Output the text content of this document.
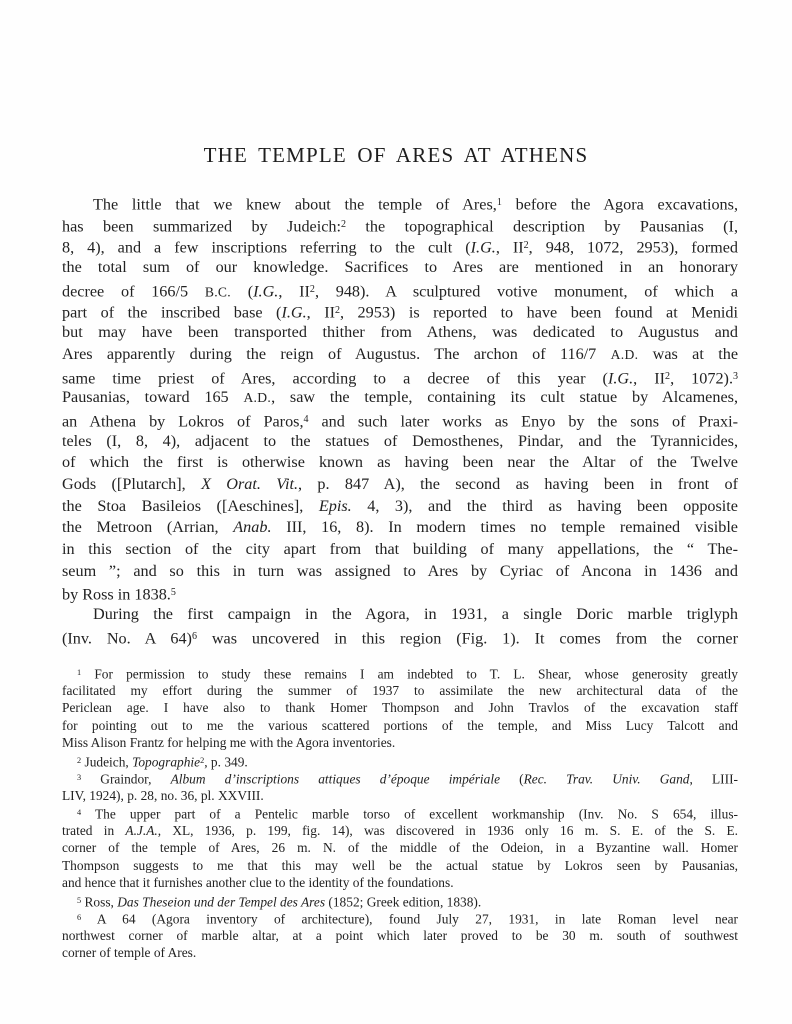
THE TEMPLE OF ARES AT ATHENS
The little that we knew about the temple of Ares,$^1$ before the Agora excavations,
has been summarized by Judeich:$^2$ the topographical description by Pausanias (I,
8, 4), and a few inscriptions referring to the cult (I.G., $II^2$, 948, 1072, 2953), formed
the total sum of our knowledge. Sacrifices to Ares are mentioned in an honorary
decree of 166/5 B.C. (I.G., $II^2$, 948). A sculptured votive monument, of which a
part of the inscribed base (I.G., $II^2$, 2953) is reported to have been found at Menidi
but may have been transported thither from Athens, was dedicated to Augustus and
Ares apparently during the reign of Augustus. The archon of 116/7 A.D. was at the
same time priest of Ares, according to a decree of this year (I.G., $II^2$, 1072).$^3$
Pausanias, toward 165 A.D., saw the temple, containing its cult statue by Alcamenes,
an Athena by Lokros of Paros,$^4$ and such later works as Enyo by the sons of Praxi-
teles (I, 8, 4), adjacent to the statues of Demosthenes, Pindar, and the Tyrannicides,
of which the first is otherwise known as having been near the Altar of the Twelve
Gods ([Plutarch], X Orat. Vit., p. 847 A), the second as having been in front of
the Stoa Basileios ([Aeschines], Epis. 4, 3), and the third as having been opposite
the Metroon (Arrian, Anab. III, 16, 8). In modern times no temple remained visible
in this section of the city apart from that building of many appellations, the “ The-
seum ”; and so this in turn was assigned to Ares by Cyriac of Ancona in 1436 and
by Ross in 1838.$^5$
During the first campaign in the Agora, in 1931, a single Doric marble triglyph
(Inv. No. A 64)$^6$ was uncovered in this region (Fig. 1). It comes from the corner
$^1$ For permission to study these remains I am indebted to T. L. Shear, whose generosity greatly
facilitated my effort during the summer of 1937 to assimilate the new architectural data of the
Periclean age. I have also to thank Homer Thompson and John Travlos of the excavation staff
for pointing out to me the various scattered portions of the temple, and Miss Lucy Talcott and
Miss Alison Frantz for helping me with the Agora inventories.
$^2$ Judeich, Topographie$^2$, p. 349.
$^3$ Graindor, Album d’inscriptions attiques d’époque impériale (Rec. Trav. Univ. Gand, LIII-
LIV, 1924), p. 28, no. 36, pl. XXVIII.
$^4$ The upper part of a Pentelic marble torso of excellent workmanship (Inv. No. S 654, illus-
trated in A.J.A., XL, 1936, p. 199, fig. 14), was discovered in 1936 only 16 m. S. E. of the S. E.
corner of the temple of Ares, 26 m. N. of the middle of the Odeion, in a Byzantine wall. Homer
Thompson suggests to me that this may well be the actual statue by Lokros seen by Pausanias,
and hence that it furnishes another clue to the identity of the foundations.
$^5$ Ross, Das Theseion und der Tempel des Ares (1852; Greek edition, 1838).
$^6$ A 64 (Agora inventory of architecture), found July 27, 1931, in late Roman level near
northwest corner of marble altar, at a point which later proved to be 30 m. south of southwest
corner of temple of Ares.
